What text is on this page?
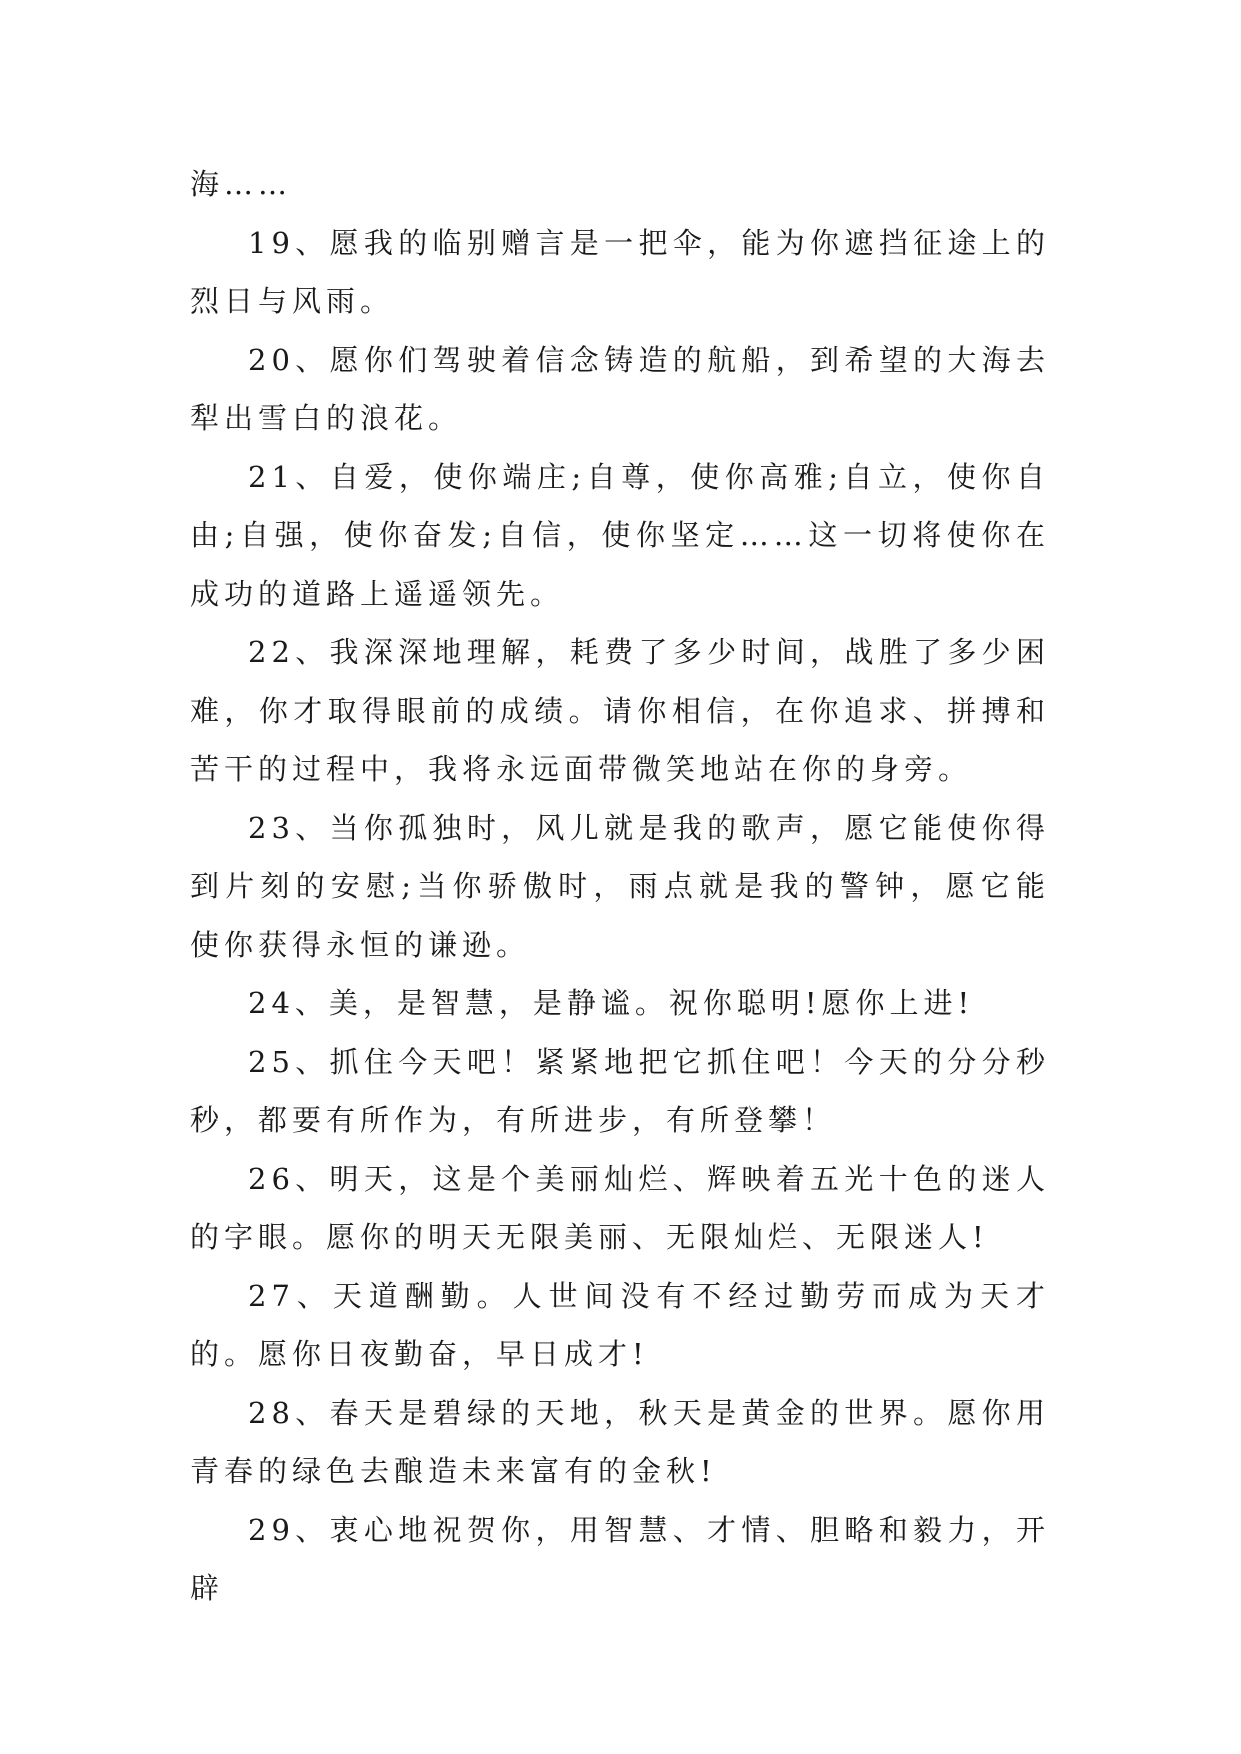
海……

19、愿我的临别赠言是一把伞，能为你遮挡征途上的烈日与风雨。

20、愿你们驾驶着信念铸造的航船，到希望的大海去犁出雪白的浪花。

21、自爱，使你端庄;自尊，使你高雅;自立，使你自由;自强，使你奋发;自信，使你坚定……这一切将使你在成功的道路上遥遥领先。

22、我深深地理解，耗费了多少时间，战胜了多少困难，你才取得眼前的成绩。请你相信，在你追求、拼搏和苦干的过程中，我将永远面带微笑地站在你的身旁。

23、当你孤独时，风儿就是我的歌声，愿它能使你得到片刻的安慰;当你骄傲时，雨点就是我的警钟，愿它能使你获得永恒的谦逊。

24、美，是智慧，是静谧。祝你聪明!愿你上进!

25、抓住今天吧！紧紧地把它抓住吧！今天的分分秒秒，都要有所作为，有所进步，有所登攀！

26、明天，这是个美丽灿烂、辉映着五光十色的迷人的字眼。愿你的明天无限美丽、无限灿烂、无限迷人!

27、天道酬勤。人世间没有不经过勤劳而成为天才的。愿你日夜勤奋，早日成才!

28、春天是碧绿的天地，秋天是黄金的世界。愿你用青春的绿色去酿造未来富有的金秋!

29、衷心地祝贺你，用智慧、才情、胆略和毅力，开辟
